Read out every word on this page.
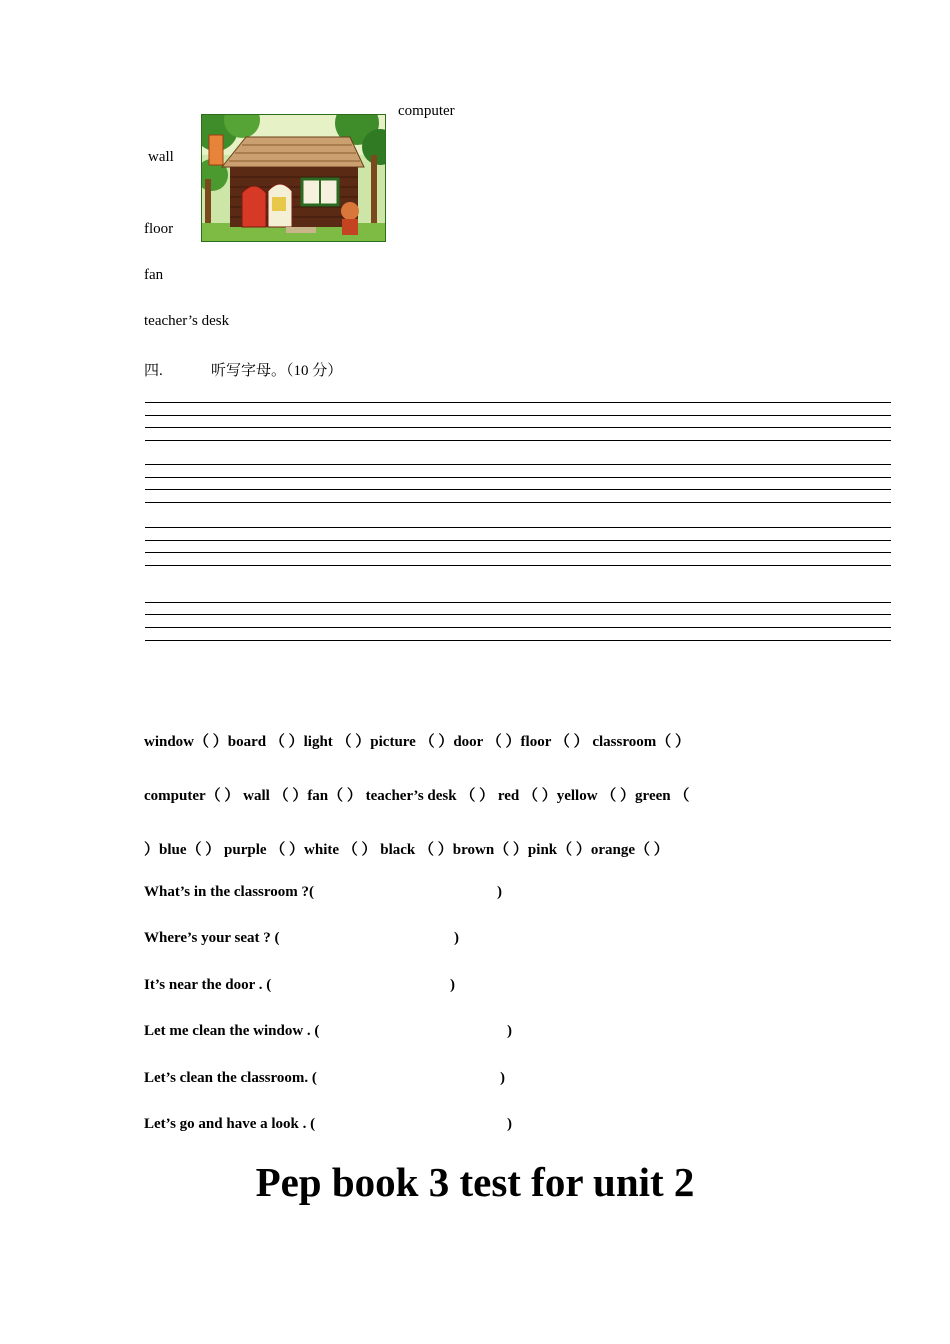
computer
wall
floor
fan
teacher’s desk
四.	听写字母。（10 分）
window（ ）board （ ）light （ ）picture （ ）door （ ）floor （ ） classroom（ ）
computer（ ） wall （ ）fan（ ） teacher’s desk （ ） red （ ）yellow （ ）green （
）blue（ ） purple （ ）white （ ） black （ ）brown（ ）pink（ ）orange（ ）
What’s in the classroom ?(	)
Where’s your seat ? (	)
It’s near the door . (	)
Let me clean the window . (	)
Let’s clean the classroom. (	)
Let’s go and have a look . (	)
Pep book 3 test for unit 2
